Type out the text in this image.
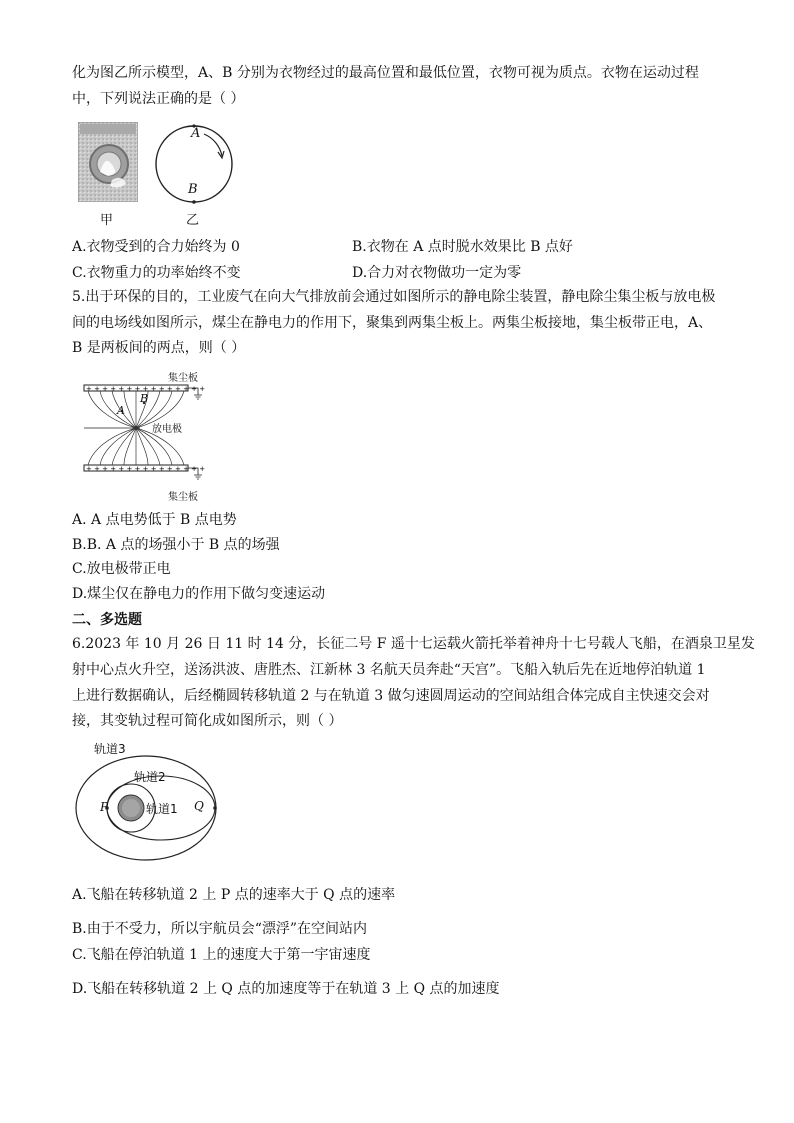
化为图乙所示模型，A、B 分别为衣物经过的最高位置和最低位置，衣物可视为质点。衣物在运动过程
中，下列说法正确的是（ ）
甲
A
B
乙
A.衣物受到的合力始终为 0	B.衣物在 A 点时脱水效果比 B 点好
C.衣物重力的功率始终不变	D.合力对衣物做功一定为零
5.出于环保的目的，工业废气在向大气排放前会通过如图所示的静电除尘装置，静电除尘集尘板与放电极
间的电场线如图所示，煤尘在静电力的作用下，聚集到两集尘板上。两集尘板接地，集尘板带正电，A、
B 是两板间的两点，则（ ）
+ + + + + + + + + + + + + + +
+ + + + + + + + + + + + + + +
集尘板
放电极
集尘板
A
B
A. A 点电势低于 B 点电势
B.B. A 点的场强小于 B 点的场强
C.放电极带正电
D.煤尘仅在静电力的作用下做匀变速运动
二、多选题
6.2023 年 10 月 26 日 11 时 14 分，长征二号 F 遥十七运载火箭托举着神舟十七号载人飞船，在酒泉卫星发
射中心点火升空，送汤洪波、唐胜杰、江新林 3 名航天员奔赴“天宫”。飞船入轨后先在近地停泊轨道 1
上进行数据确认，后经椭圆转移轨道 2 与在轨道 3 做匀速圆周运动的空间站组合体完成自主快速交会对
接，其变轨过程可简化成如图所示，则（ ）
轨道3
轨道2
轨道1
P	Q
A.飞船在转移轨道 2 上 P 点的速率大于 Q 点的速率
B.由于不受力，所以宇航员会“漂浮”在空间站内
C.飞船在停泊轨道 1 上的速度大于第一宇宙速度
D.飞船在转移轨道 2 上 Q 点的加速度等于在轨道 3 上 Q 点的加速度
